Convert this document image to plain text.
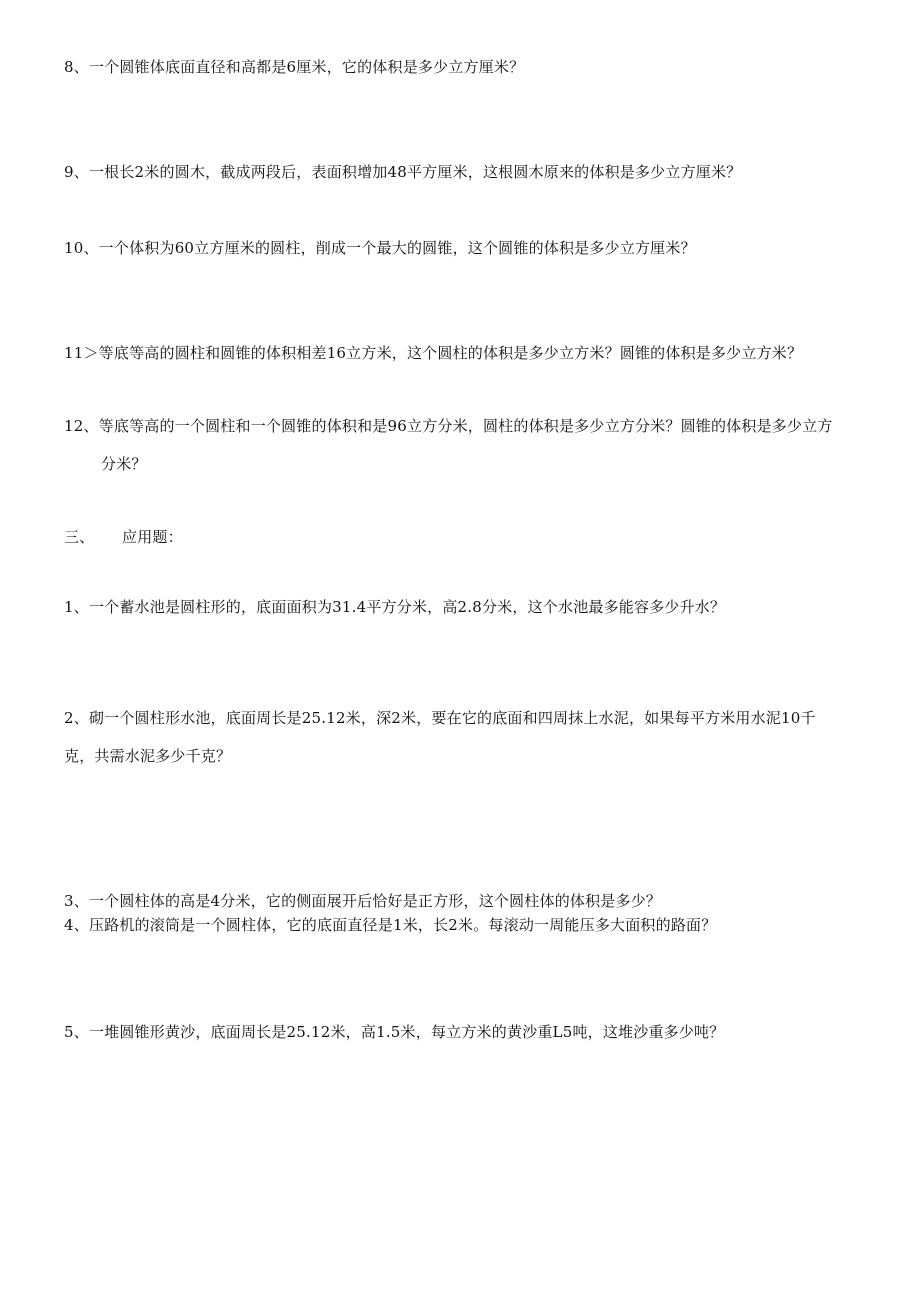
8、一个圆锥体底面直径和高都是6厘米，它的体积是多少立方厘米？
9、一根长2米的圆木，截成两段后，表面积增加48平方厘米，这根圆木原来的体积是多少立方厘米？
10、一个体积为60立方厘米的圆柱，削成一个最大的圆锥，这个圆锥的体积是多少立方厘米？
11＞等底等高的圆柱和圆锥的体积相差16立方米，这个圆柱的体积是多少立方米？圆锥的体积是多少立方米？
12、等底等高的一个圆柱和一个圆锥的体积和是96立方分米，圆柱的体积是多少立方分米？圆锥的体积是多少立方
分米？
三、 应用题：
1、一个蓄水池是圆柱形的，底面面积为31.4平方分米，高2.8分米，这个水池最多能容多少升水？
2、砌一个圆柱形水池，底面周长是25.12米，深2米，要在它的底面和四周抹上水泥，如果每平方米用水泥10千
克，共需水泥多少千克？
3、一个圆柱体的高是4分米，它的侧面展开后恰好是正方形，这个圆柱体的体积是多少？
4、压路机的滚筒是一个圆柱体，它的底面直径是1米，长2米。每滚动一周能压多大面积的路面？
5、一堆圆锥形黄沙，底面周长是25.12米，高1.5米，每立方米的黄沙重L5吨，这堆沙重多少吨？
